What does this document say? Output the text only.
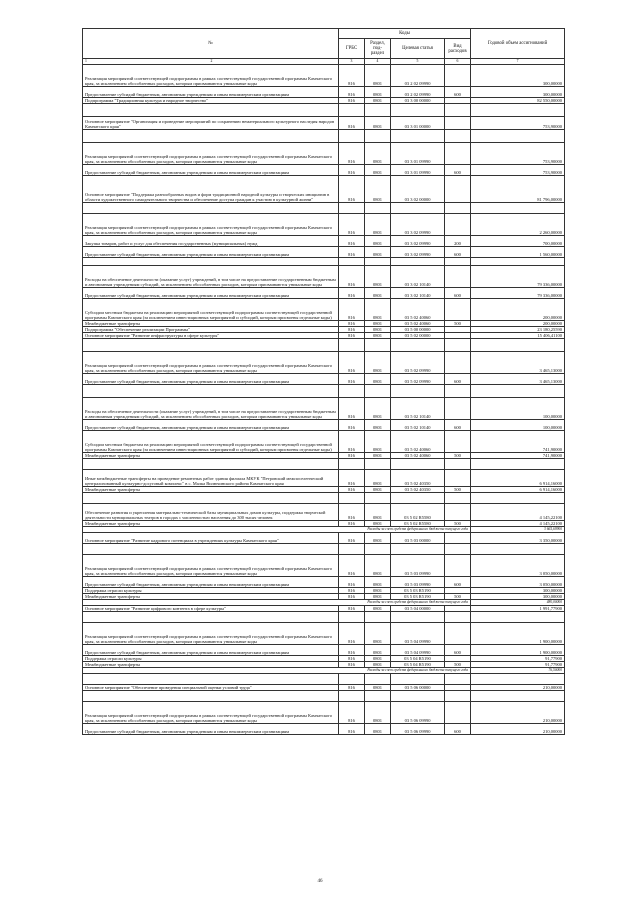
№	Коды				Годовой объем ассигнований
	ГРБС	Раздел, под-раздел	Целевая статья	Вид расходов	

1 2	3	4	5	6	7
Реализация мероприятий соответствующей подпрограммы в рамках соответствующей государственной программы Камчатского края, за исключением обособленных расходов, которым присваиваются уникальные коды	816	0801	03 2 02 09990		300,00000
Предоставление субсидий бюджетным, автономным учреждениям и иным некоммерческим организациям	816	0801	03 2 02 09990	600	300,00000
Подпрограмма "Традиционная культура и народное творчество"	816	0801	03 3 00 00000		82 550,00000

Основное мероприятие "Организация и проведение мероприятий по сохранению нематериального культурного наследия народов Камчатского края"	816	0801	03 3 01 00000		753,90000

Реализация мероприятий соответствующей подпрограммы в рамках соответствующей государственной программы Камчатского края, за исключением обособленных расходов, которым присваиваются уникальные коды	816	0801	03 3 01 09990		753,90000
Предоставление субсидий бюджетным, автономным учреждениям и иным некоммерческим организациям	816	0801	03 3 01 09990	600	753,90000
Основное мероприятие "Поддержка разнообразных видов и форм традиционной народной культуры и творческих инициатив в области художественного самодеятельного творчества и обеспечение доступа граждан к участию в культурной жизни"	816	0801	03 3 02 00000		81 796,00000

Реализация мероприятий соответствующей подпрограммы в рамках соответствующей государственной программы Камчатского края, за исключением обособленных расходов, которым присваиваются уникальные коды	816	0801	03 3 02 09990		2 260,00000
Закупка товаров, работ и услуг для обеспечения государственных (муниципальных) нужд	816	0801	03 3 02 09990	200	700,00000
Предоставление субсидий бюджетным, автономным учреждениям и иным некоммерческим организациям	816	0801	03 3 02 09990	600	1 560,00000

Расходы на обеспечение деятельности (оказание услуг) учреждений, в том числе на предоставление государственным бюджетным и автономным учреждениям субсидий, за исключением обособленных расходов, которым присваиваются уникальные коды	816	0801	03 3 02 10140		79 336,00000
Предоставление субсидий бюджетным, автономным учреждениям и иным некоммерческим организациям	816	0801	03 3 02 10140	600	79 336,00000
Субсидии местным бюджетам на реализацию мероприятий соответствующей подпрограммы соответствующей государственной программы Камчатского края (за исключением инвестиционных мероприятий и субсидий, которым присвоены отдельные коды)	816	0801	03 5 02 40060		200,00000
Межбюджетные трансферты	816	0801	03 5 02 40060	500	200,00000
Подпрограмма "Обеспечение реализации Программы"	816	0801	03 5 00 00000		23 180,25590
Основное мероприятие "Развитие инфраструктуры в сфере культуры"	816	0801	03 5 02 00000		15 406,41100

Реализация мероприятий соответствующей подпрограммы в рамках соответствующей государственной программы Камчатского края, за исключением обособленных расходов, которым присваиваются уникальные коды	816	0801	03 5 02 09990		3 465,13000
Предоставление субсидий бюджетным, автономным учреждениям и иным некоммерческим организациям	816	0801	03 5 02 09990	600	3 465,13000

Расходы на обеспечение деятельности (оказание услуг) учреждений, в том числе на предоставление государственным бюджетным и автономным учреждениям субсидий, за исключением обособленных расходов, которым присваиваются уникальные коды	816	0801	03 5 02 10140		100,00000
Предоставление субсидий бюджетным, автономным учреждениям и иным некоммерческим организациям	816	0801	03 5 02 10140	600	100,00000
Субсидии местным бюджетам на реализацию мероприятий соответствующей подпрограммы соответствующей государственной программы Камчатского края (за исключением инвестиционных мероприятий и субсидий, которым присвоены отдельные коды)	816	0801	03 5 02 40060		741,90000
Межбюджетные трансферты	816	0801	03 5 02 40060	500	741,90000

Иные межбюджетные трансферты на проведение ремонтных работ здания филиала МКУК "Петровский межпоселенческий централизованный культурно-досуговый комплекс" в с. Малка Вилючинского района Камчатского края	816	0801	03 5 02 40350		6 914,16000
Межбюджетные трансферты	816	0801	03 5 02 40350	500	6 914,16000

Обеспечение развития и укрепления материально-технической базы муниципальных домов культуры, поддержка творческой деятельности муниципальных театров в городах с численностью населения до 300 тысяч человек	816	0801	03 5 02 R5580		4 145,22100
Межбюджетные трансферты	816	0801	03 5 02 R5580	500	4 145,22100
Расходы за счет средств федерального бюджета текущего года					3 665,69900
Основное мероприятие "Развитие кадрового потенциала в учреждениях культуры Камчатского края"	816	0801	03 5 03 00000		3 350,00000

Реализация мероприятий соответствующей подпрограммы в рамках соответствующей государственной программы Камчатского края, за исключением обособленных расходов, которым присваиваются уникальные коды	816	0801	03 5 03 09990		3 050,00000
Предоставление субсидий бюджетным, автономным учреждениям и иным некоммерческим организациям	816	0801	03 5 03 09990	600	3 050,00000
Поддержка отрасли культуры	816	0801	03 5 03 R5190		300,00000
Межбюджетные трансферты	816	0801	03 5 03 R5190	500	300,00000
Расходы за счет средств федерального бюджета текущего года					480,00000
Основное мероприятие "Развитие цифрового контента в сфере культуры"	816	0801	03 5 04 00000		1 991,77900

Реализация мероприятий соответствующей подпрограммы в рамках соответствующей государственной программы Камчатского края, за исключением обособленных расходов, которым присваиваются уникальные коды	816	0801	03 5 04 09990		1 900,00000
Предоставление субсидий бюджетным, автономным учреждениям и иным некоммерческим организациям	816	0801	03 5 04 09990	600	1 900,00000
Поддержка отрасли культуры	816	0801	03 5 04 R5190		91,77900
Межбюджетные трансферты	816	0801	03 5 04 R5190	500	91,77900
Расходы за счет средств федерального бюджета текущего года					76,50000

Основное мероприятие "Обеспечение проведения специальной оценки условий труда"	816	0801	03 5 06 00000		210,00000

Реализация мероприятий соответствующей подпрограммы в рамках соответствующей государственной программы Камчатского края, за исключением обособленных расходов, которым присваиваются уникальные коды	816	0801	03 5 06 09990		210,00000
Предоставление субсидий бюджетным, автономным учреждениям и иным некоммерческим организациям	816	0801	03 5 06 09990	600	210,00000
46
